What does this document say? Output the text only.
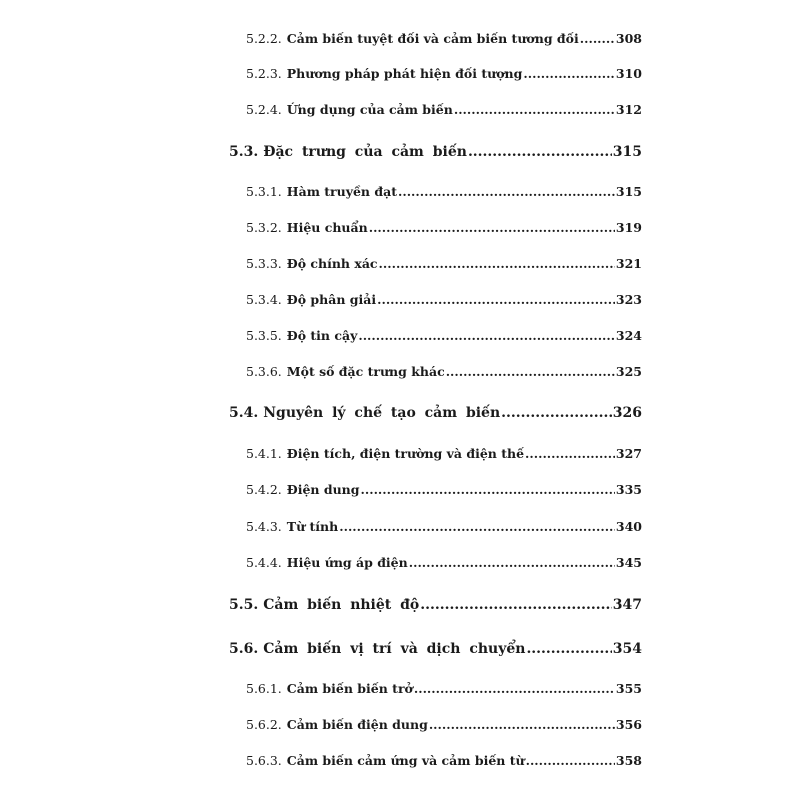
5.2.2. Cảm biến tuyệt đối và cảm biến tương đối .....	308
5.2.3. Phương pháp phát hiện đối tượng .....	310
5.2.4. Ứng dụng của cảm biến .....	312
5.3. Đặc trưng của cảm biến .....	315
5.3.1. Hàm truyền đạt .....	315
5.3.2. Hiệu chuẩn .....	319
5.3.3. Độ chính xác .....	321
5.3.4. Độ phân giải .....	323
5.3.5. Độ tin cậy .....	324
5.3.6. Một số đặc trưng khác .....	325
5.4. Nguyên lý chế tạo cảm biến .....	326
5.4.1. Điện tích, điện trường và điện thế .....	327
5.4.2. Điện dung .....	335
5.4.3. Từ tính .....	340
5.4.4. Hiệu ứng áp điện .....	345
5.5. Cảm biến nhiệt độ .....	347
5.6. Cảm biến vị trí và dịch chuyển .....	354
5.6.1. Cảm biến biến trở .....	355
5.6.2. Cảm biến điện dung .....	356
5.6.3. Cảm biến cảm ứng và cảm biến từ .....	358
